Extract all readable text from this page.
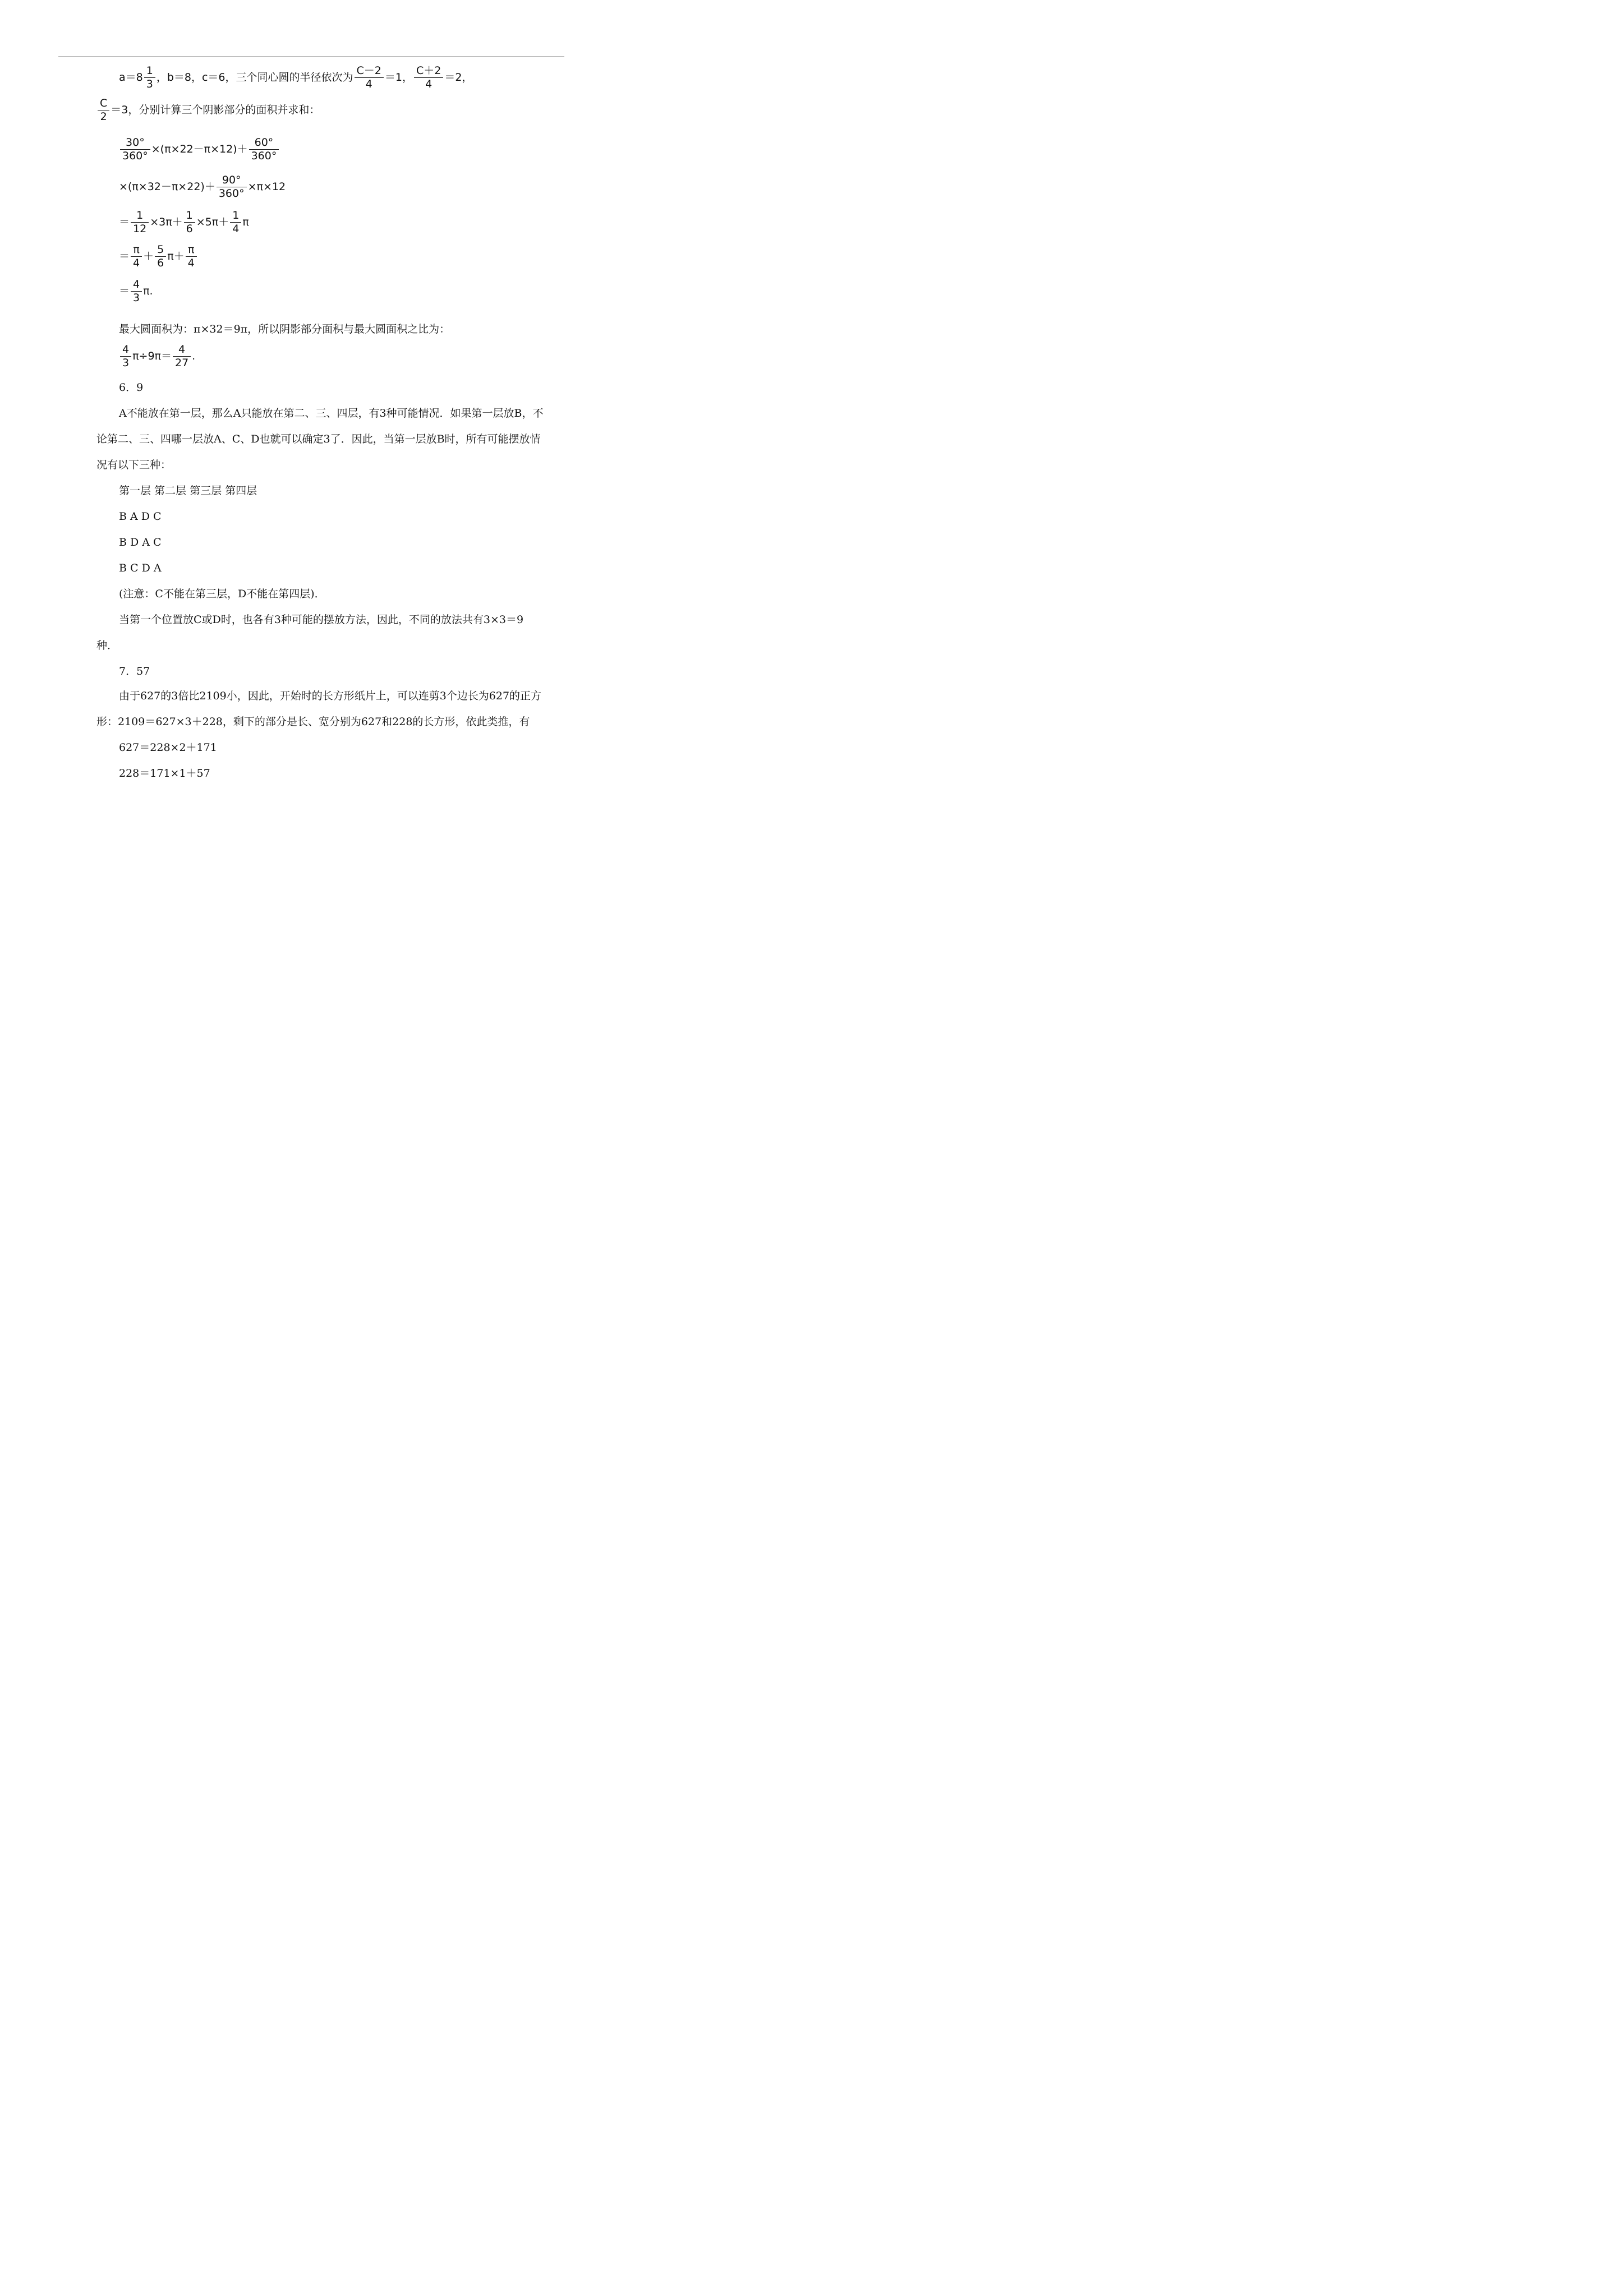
$a=8 \frac{1}{3}$ ，b＝8，c＝6，三个同心圆的半径依次为 $\frac{C-2}{4} =1$， $\frac{C+2}{4} =2$，
$\frac{C}{2} =3$，分别计算三个阴影部分的面积并求和：
$\frac{30^\circ}{360^\circ} \times(\pi\times 22-\pi\times 12)+ \frac{60^\circ}{360^\circ}$
$\times(\pi\times 32-\pi\times 22)+ \frac{90^\circ}{360^\circ} \times\pi\times 12$
＝ $\frac{1}{12} \times 3\pi+ \frac{1}{6} \times 5\pi+ \frac{1}{4}$ π
＝ $\frac{\pi}{4} + \frac{5}{6} \pi+ \frac{\pi}{4}$
＝ $\frac{4}{3} \pi$.
最大圆面积为：π×32＝9π，所以阴影部分面积与最大圆面积之比为：
$\frac{4}{3} \pi\div 9\pi= \frac{4}{27}$ .
6．9
A不能放在第一层，那么A只能放在第二、三、四层，有3种可能情况．如果第一层放B，不
论第二、三、四哪一层放A、C、D也就可以确定3了．因此，当第一层放B时，所有可能摆放情
况有以下三种：
第一层 第二层 第三层 第四层
B A D C
B D A C
B C D A
(注意：C不能在第三层，D不能在第四层)．
当第一个位置放C或D时，也各有3种可能的摆放方法，因此，不同的放法共有3×3＝9
种．
7．57
由于627的3倍比2109小，因此，开始时的长方形纸片上，可以连剪3个边长为627的正方
形：2109＝627×3＋228，剩下的部分是长、宽分别为627和228的长方形，依此类推，有
627＝228×2＋171
228＝171×1＋57
